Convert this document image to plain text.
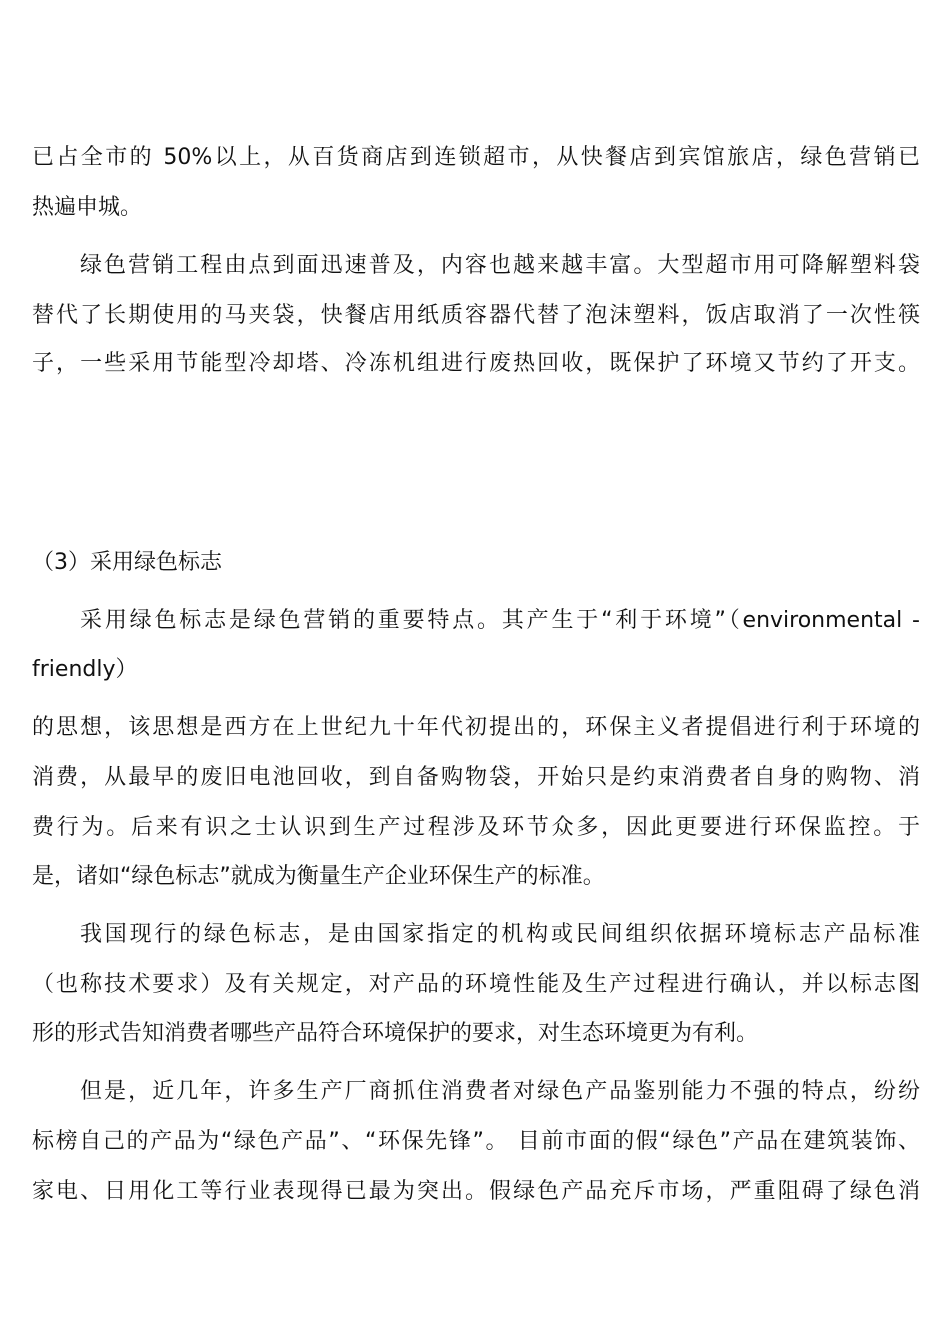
已占全市的 50%以上，从百货商店到连锁超市，从快餐店到宾馆旅店，绿色营销已
热遍申城。
绿色营销工程由点到面迅速普及，内容也越来越丰富。大型超市用可降解塑料袋
替代了长期使用的马夹袋，快餐店用纸质容器代替了泡沫塑料，饭店取消了一次性筷
子，一些采用节能型冷却塔、冷冻机组进行废热回收，既保护了环境又节约了开支。
（3）采用绿色标志
采用绿色标志是绿色营销的重要特点。其产生于“利于环境”（environmental -
friendly）
的思想，该思想是西方在上世纪九十年代初提出的，环保主义者提倡进行利于环境的
消费，从最早的废旧电池回收，到自备购物袋，开始只是约束消费者自身的购物、消
费行为。后来有识之士认识到生产过程涉及环节众多，因此更要进行环保监控。于
是，诸如“绿色标志”就成为衡量生产企业环保生产的标准。
我国现行的绿色标志，是由国家指定的机构或民间组织依据环境标志产品标准
（也称技术要求）及有关规定，对产品的环境性能及生产过程进行确认，并以标志图
形的形式告知消费者哪些产品符合环境保护的要求，对生态环境更为有利。
但是，近几年，许多生产厂商抓住消费者对绿色产品鉴别能力不强的特点，纷纷
标榜自己的产品为“绿色产品”、“环保先锋”。 目前市面的假“绿色”产品在建筑装饰、
家电、日用化工等行业表现得已最为突出。假绿色产品充斥市场，严重阻碍了绿色消
